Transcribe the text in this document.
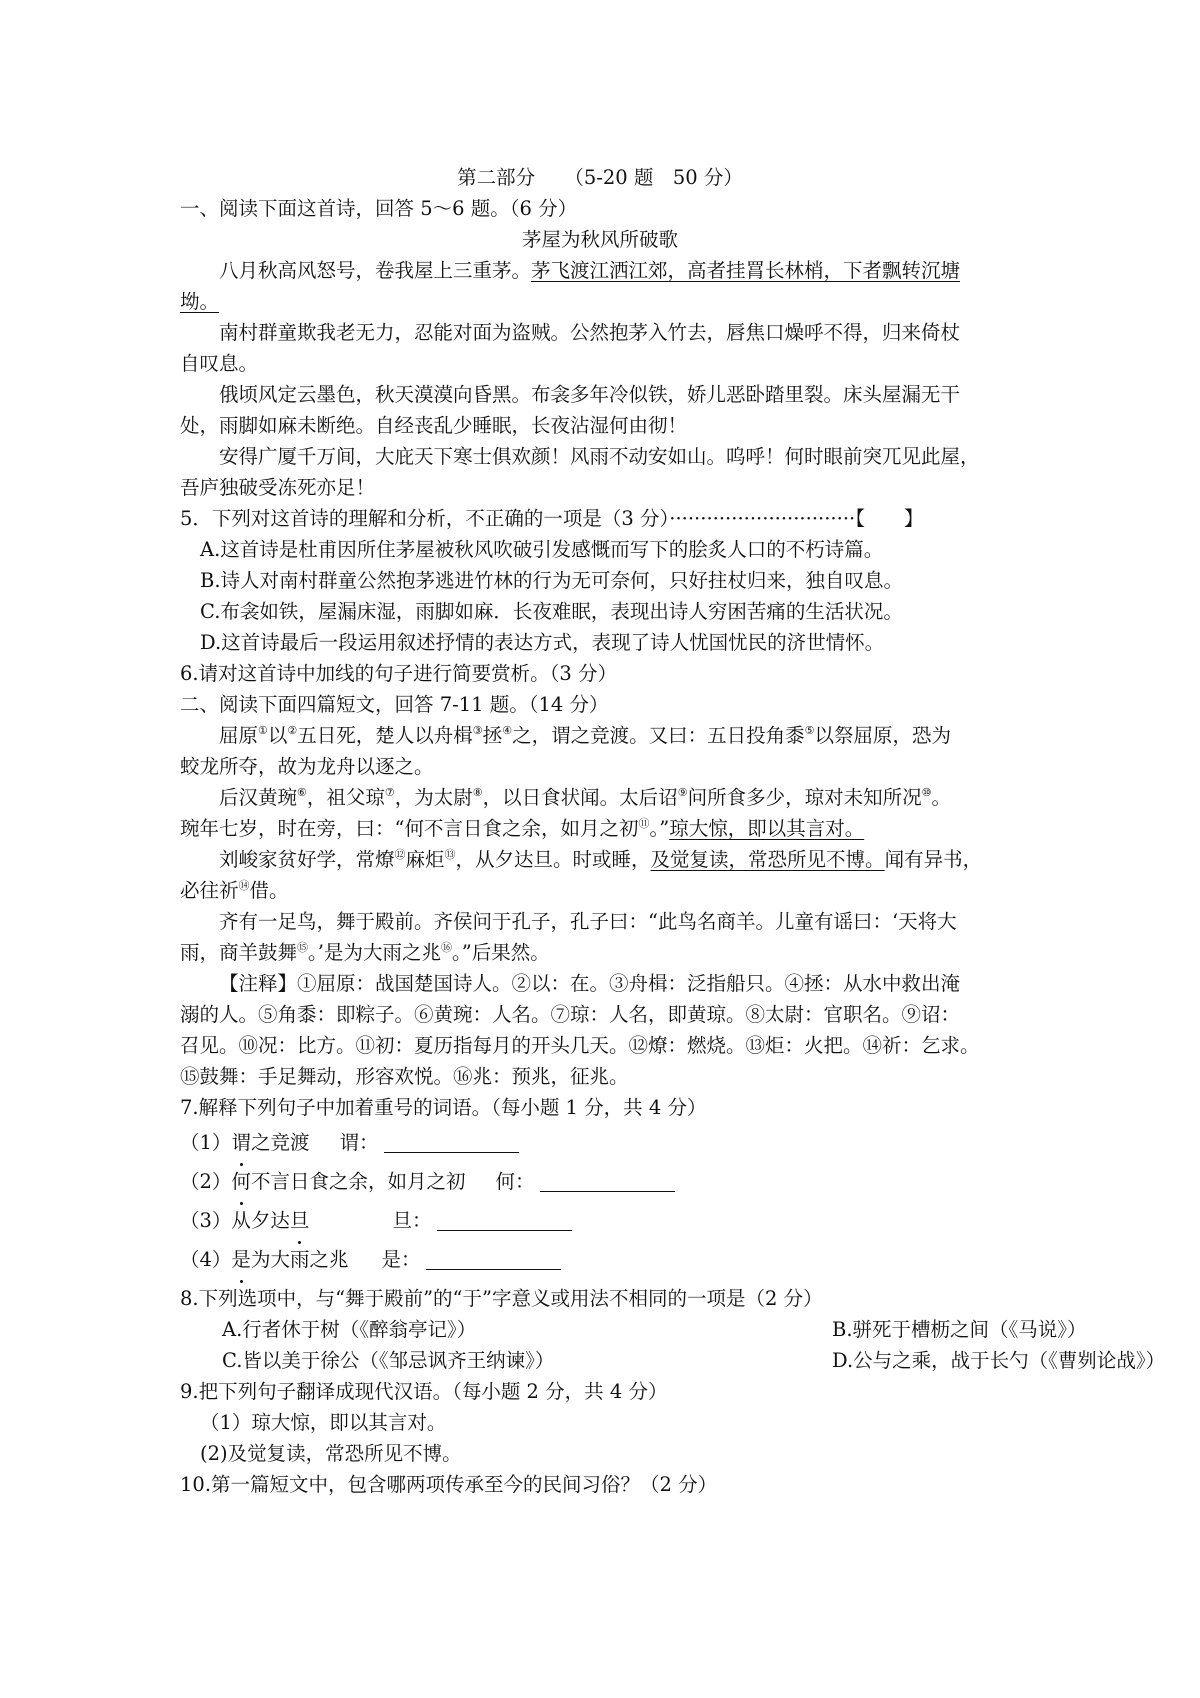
第二部分　　（5-20 题　50 分）
一、阅读下面这首诗，回答 5～6 题。（6 分）
茅屋为秋风所破歌
八月秋高风怒号，卷我屋上三重茅。茅飞渡江洒江郊，高者挂罥长林梢，下者飘转沉塘
坳。
南村群童欺我老无力，忍能对面为盗贼。公然抱茅入竹去，唇焦口燥呼不得，归来倚杖
自叹息。
俄顷风定云墨色，秋天漠漠向昏黑。布衾多年冷似铁，娇儿恶卧踏里裂。床头屋漏无干
处，雨脚如麻未断绝。自经丧乱少睡眠，长夜沾湿何由彻！
安得广厦千万间，大庇天下寒士俱欢颜！风雨不动安如山。呜呼！何时眼前突兀见此屋，
吾庐独破受冻死亦足！
5．下列对这首诗的理解和分析，不正确的一项是（3 分）······························【　　】
A.这首诗是杜甫因所住茅屋被秋风吹破引发感慨而写下的脍炙人口的不朽诗篇。
B.诗人对南村群童公然抱茅逃进竹林的行为无可奈何，只好拄杖归来，独自叹息。
C.布衾如铁，屋漏床湿，雨脚如麻．长夜难眠，表现出诗人穷困苦痛的生活状况。
D.这首诗最后一段运用叙述抒情的表达方式，表现了诗人忧国忧民的济世情怀。
6.请对这首诗中加线的句子进行简要赏析。（3 分）
二、阅读下面四篇短文，回答 7-11 题。（14 分）
屈原①以②五日死，楚人以舟楫③拯④之，谓之竞渡。又曰：五日投角黍⑤以祭屈原，恐为
蛟龙所夺，故为龙舟以逐之。
后汉黄琬⑥，祖父琼⑦，为太尉⑧，以日食状闻。太后诏⑨问所食多少，琼对未知所况⑩。
琬年七岁，时在旁，曰：“何不言日食之余，如月之初⑪。”琼大惊，即以其言对。
刘峻家贫好学，常燎⑫麻炬⑬，从夕达旦。时或睡，及觉复读，常恐所见不博。闻有异书，
必往祈⑭借。
齐有一足鸟，舞于殿前。齐侯问于孔子，孔子曰：“此鸟名商羊。儿童有谣曰：‘天将大
雨，商羊鼓舞⑮。’是为大雨之兆⑯。”后果然。
【注释】①屈原：战国楚国诗人。②以：在。③舟楫：泛指船只。④拯：从水中救出淹
溺的人。⑤角黍：即粽子。⑥黄琬：人名。⑦琼：人名，即黄琼。⑧太尉：官职名。⑨诏：
召见。⑩况：比方。⑪初：夏历指每月的开头几天。⑫燎：燃烧。⑬炬：火把。⑭祈：乞求。
⑮鼓舞：手足舞动，形容欢悦。⑯兆：预兆，征兆。
7.解释下列句子中加着重号的词语。（每小题 1 分，共 4 分）
（1）谓之竞渡 谓：
（2）何不言日食之余，如月之初 何：
（3）从夕达旦	旦：
（4）是为大雨之兆 是：
8.下列选项中，与“舞于殿前”的“于”字意义或用法不相同的一项是（2 分）
A.行者休于树（《醉翁亭记》）	B.骈死于槽枥之间（《马说》）
C.皆以美于徐公（《邹忌讽齐王纳谏》）	D.公与之乘，战于长勺（《曹刿论战》）
9.把下列句子翻译成现代汉语。（每小题 2 分，共 4 分）
（1）琼大惊，即以其言对。
(2)及觉复读，常恐所见不博。
10.第一篇短文中，包含哪两项传承至今的民间习俗？（2 分）
